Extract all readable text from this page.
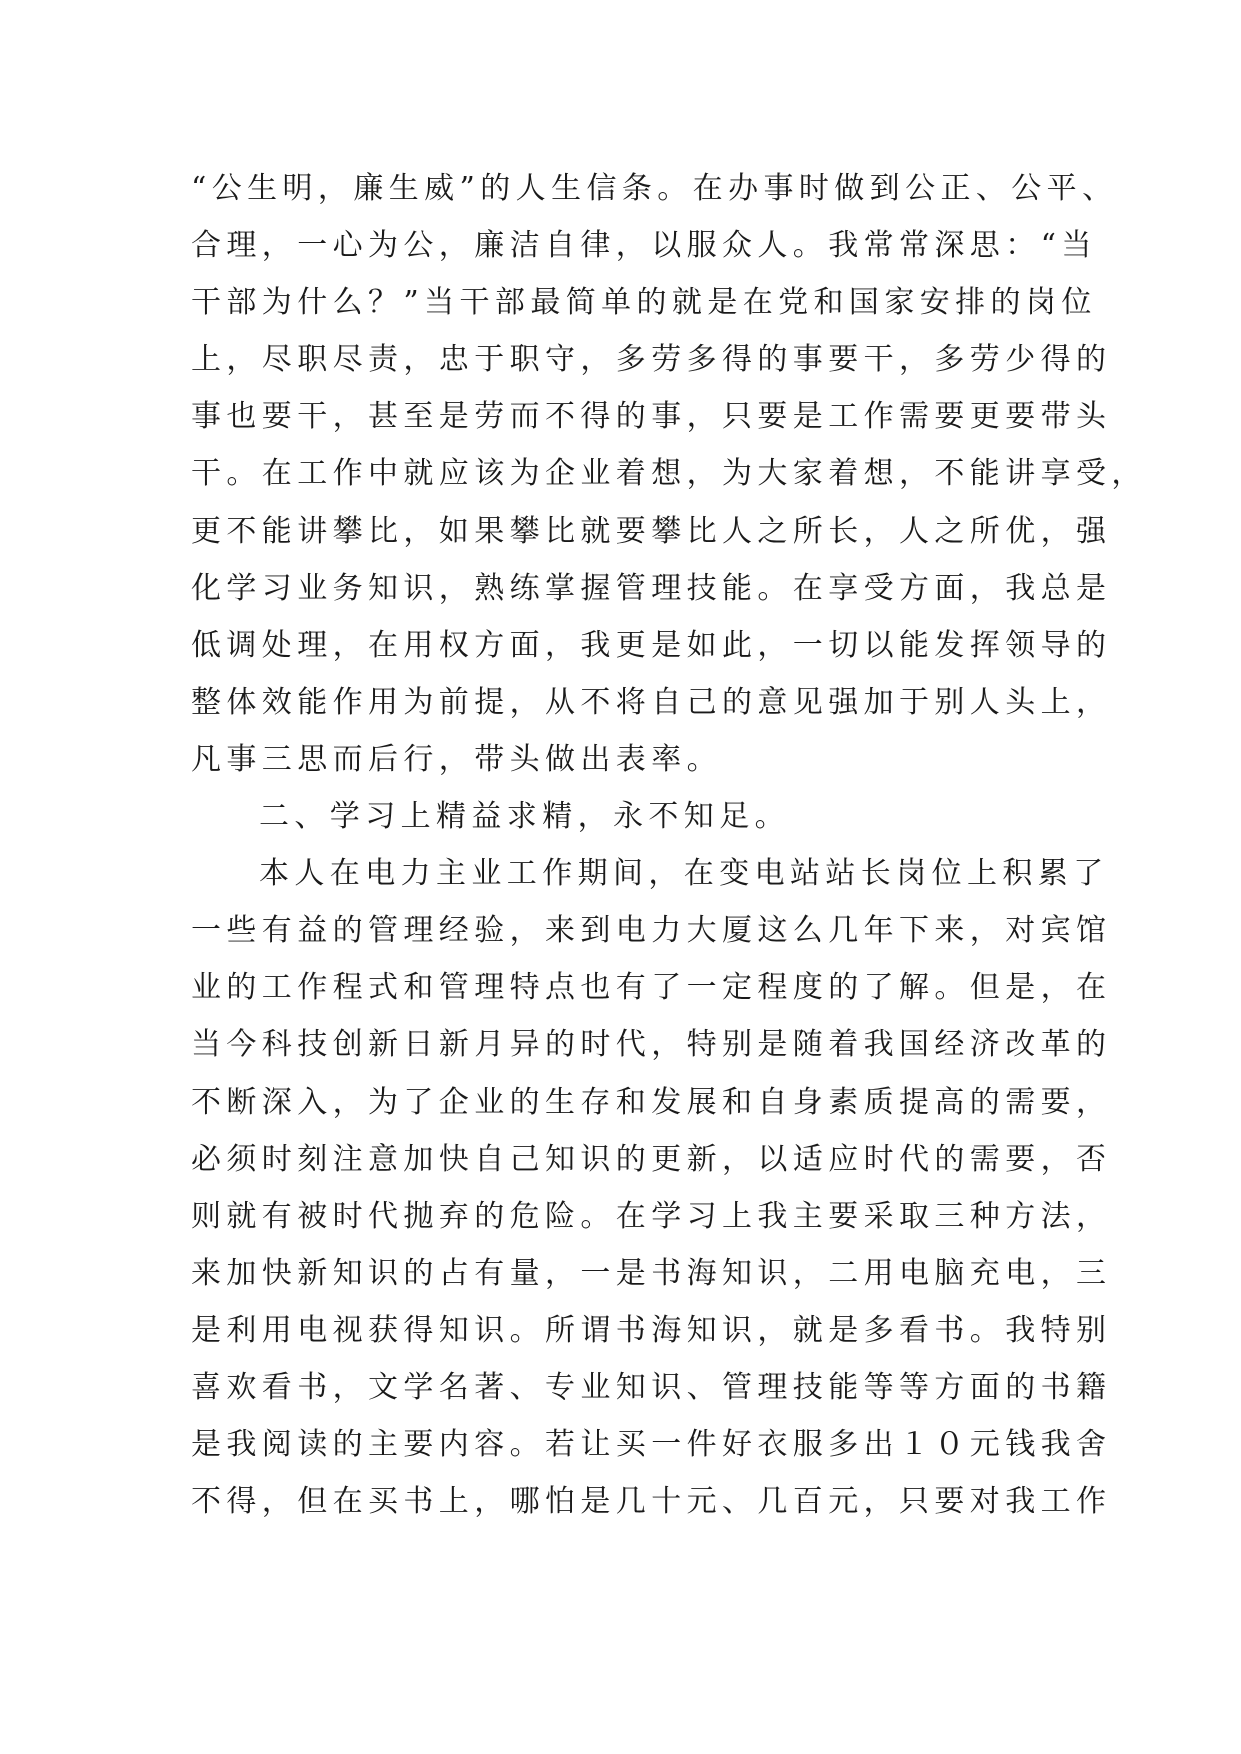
“公生明，廉生威”的人生信条。在办事时做到公正、公平、
合理，一心为公，廉洁自律，以服众人。我常常深思：“当
干部为什么？”当干部最简单的就是在党和国家安排的岗位
上，尽职尽责，忠于职守，多劳多得的事要干，多劳少得的
事也要干，甚至是劳而不得的事，只要是工作需要更要带头
干。在工作中就应该为企业着想，为大家着想，不能讲享受，
更不能讲攀比，如果攀比就要攀比人之所长，人之所优，强
化学习业务知识，熟练掌握管理技能。在享受方面，我总是
低调处理，在用权方面，我更是如此，一切以能发挥领导的
整体效能作用为前提，从不将自己的意见强加于别人头上，
凡事三思而后行，带头做出表率。
二、学习上精益求精，永不知足。
本人在电力主业工作期间，在变电站站长岗位上积累了
一些有益的管理经验，来到电力大厦这么几年下来，对宾馆
业的工作程式和管理特点也有了一定程度的了解。但是，在
当今科技创新日新月异的时代，特别是随着我国经济改革的
不断深入，为了企业的生存和发展和自身素质提高的需要，
必须时刻注意加快自己知识的更新，以适应时代的需要，否
则就有被时代抛弃的危险。在学习上我主要采取三种方法，
来加快新知识的占有量，一是书海知识，二用电脑充电，三
是利用电视获得知识。所谓书海知识，就是多看书。我特别
喜欢看书，文学名著、专业知识、管理技能等等方面的书籍
是我阅读的主要内容。若让买一件好衣服多出１０元钱我舍
不得，但在买书上，哪怕是几十元、几百元，只要对我工作
